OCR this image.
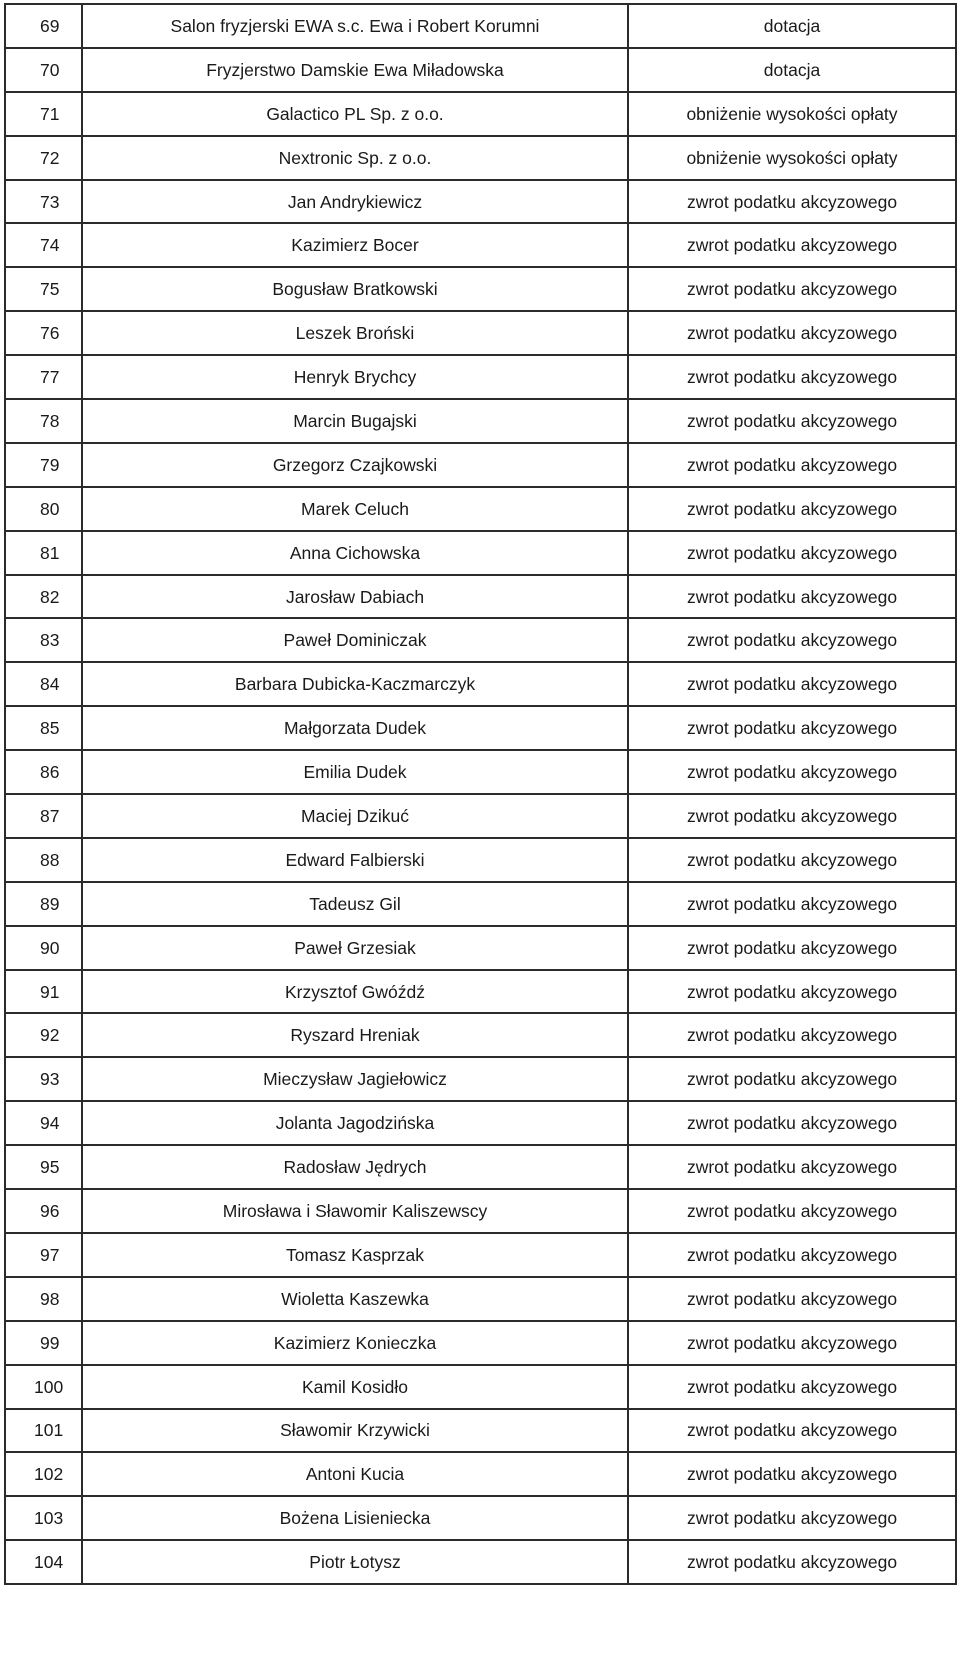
69	Salon fryzjerski EWA s.c. Ewa i Robert Korumni	dotacja
70	Fryzjerstwo Damskie Ewa Miładowska	dotacja
71	Galactico PL Sp. z o.o.	obniżenie wysokości opłaty
72	Nextronic Sp. z o.o.	obniżenie wysokości opłaty
73	Jan Andrykiewicz	zwrot podatku akcyzowego
74	Kazimierz Bocer	zwrot podatku akcyzowego
75	Bogusław Bratkowski	zwrot podatku akcyzowego
76	Leszek Broński	zwrot podatku akcyzowego
77	Henryk Brychcy	zwrot podatku akcyzowego
78	Marcin Bugajski	zwrot podatku akcyzowego
79	Grzegorz Czajkowski	zwrot podatku akcyzowego
80	Marek Celuch	zwrot podatku akcyzowego
81	Anna Cichowska	zwrot podatku akcyzowego
82	Jarosław Dabiach	zwrot podatku akcyzowego
83	Paweł Dominiczak	zwrot podatku akcyzowego
84	Barbara Dubicka-Kaczmarczyk	zwrot podatku akcyzowego
85	Małgorzata Dudek	zwrot podatku akcyzowego
86	Emilia Dudek	zwrot podatku akcyzowego
87	Maciej Dzikuć	zwrot podatku akcyzowego
88	Edward Falbierski	zwrot podatku akcyzowego
89	Tadeusz Gil	zwrot podatku akcyzowego
90	Paweł Grzesiak	zwrot podatku akcyzowego
91	Krzysztof Gwóźdź	zwrot podatku akcyzowego
92	Ryszard Hreniak	zwrot podatku akcyzowego
93	Mieczysław Jagiełowicz	zwrot podatku akcyzowego
94	Jolanta Jagodzińska	zwrot podatku akcyzowego
95	Radosław Jędrych	zwrot podatku akcyzowego
96	Mirosława i Sławomir Kaliszewscy	zwrot podatku akcyzowego
97	Tomasz Kasprzak	zwrot podatku akcyzowego
98	Wioletta Kaszewka	zwrot podatku akcyzowego
99	Kazimierz Konieczka	zwrot podatku akcyzowego
100	Kamil Kosidło	zwrot podatku akcyzowego
101	Sławomir Krzywicki	zwrot podatku akcyzowego
102	Antoni Kucia	zwrot podatku akcyzowego
103	Bożena Lisieniecka	zwrot podatku akcyzowego
104	Piotr Łotysz	zwrot podatku akcyzowego
